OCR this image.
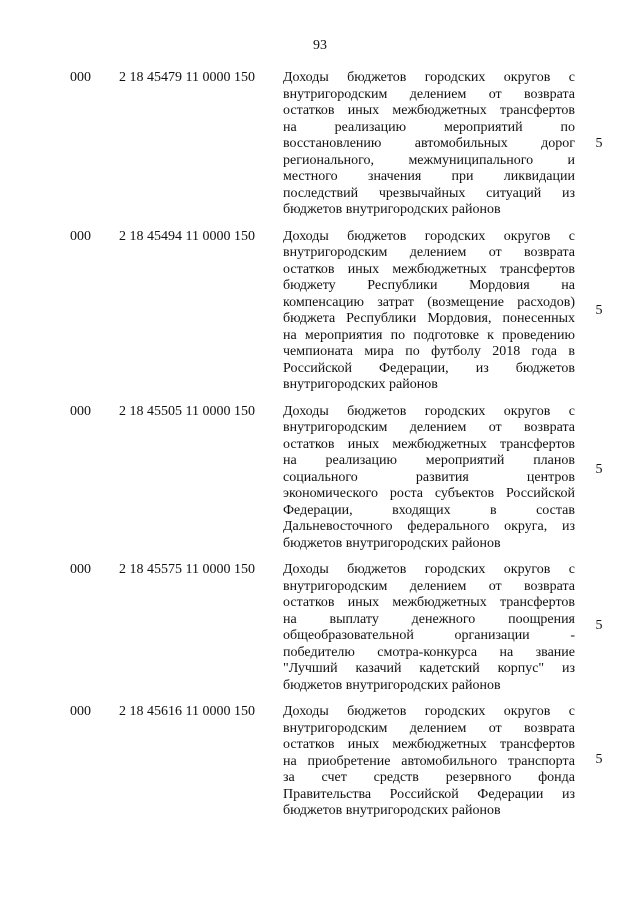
93
000	2 18 45479 11 0000 150	Доходы бюджетов городских округов с
внутригородским делением от возврата
остатков иных межбюджетных трансфертов
на реализацию мероприятий по
восстановлению автомобильных дорог
регионального, межмуниципального и
местного значения при ликвидации
последствий чрезвычайных ситуаций из
бюджетов внутригородских районов
5
000	2 18 45494 11 0000 150	Доходы бюджетов городских округов с
внутригородским делением от возврата
остатков иных межбюджетных трансфертов
бюджету Республики Мордовия на
компенсацию затрат (возмещение расходов)
бюджета Республики Мордовия, понесенных
на мероприятия по подготовке к проведению
чемпионата мира по футболу 2018 года в
Российской Федерации, из бюджетов
внутригородских районов
5
000	2 18 45505 11 0000 150	Доходы бюджетов городских округов с
внутригородским делением от возврата
остатков иных межбюджетных трансфертов
на реализацию мероприятий планов
социального развития центров
экономического роста субъектов Российской
Федерации, входящих в состав
Дальневосточного федерального округа, из
бюджетов внутригородских районов
5
000	2 18 45575 11 0000 150	Доходы бюджетов городских округов с
внутригородским делением от возврата
остатков иных межбюджетных трансфертов
на выплату денежного поощрения
общеобразовательной организации -
победителю смотра-конкурса на звание
"Лучший казачий кадетский корпус" из
бюджетов внутригородских районов
5
000	2 18 45616 11 0000 150	Доходы бюджетов городских округов с
внутригородским делением от возврата
остатков иных межбюджетных трансфертов
на приобретение автомобильного транспорта
за счет средств резервного фонда
Правительства Российской Федерации из
бюджетов внутригородских районов
5
